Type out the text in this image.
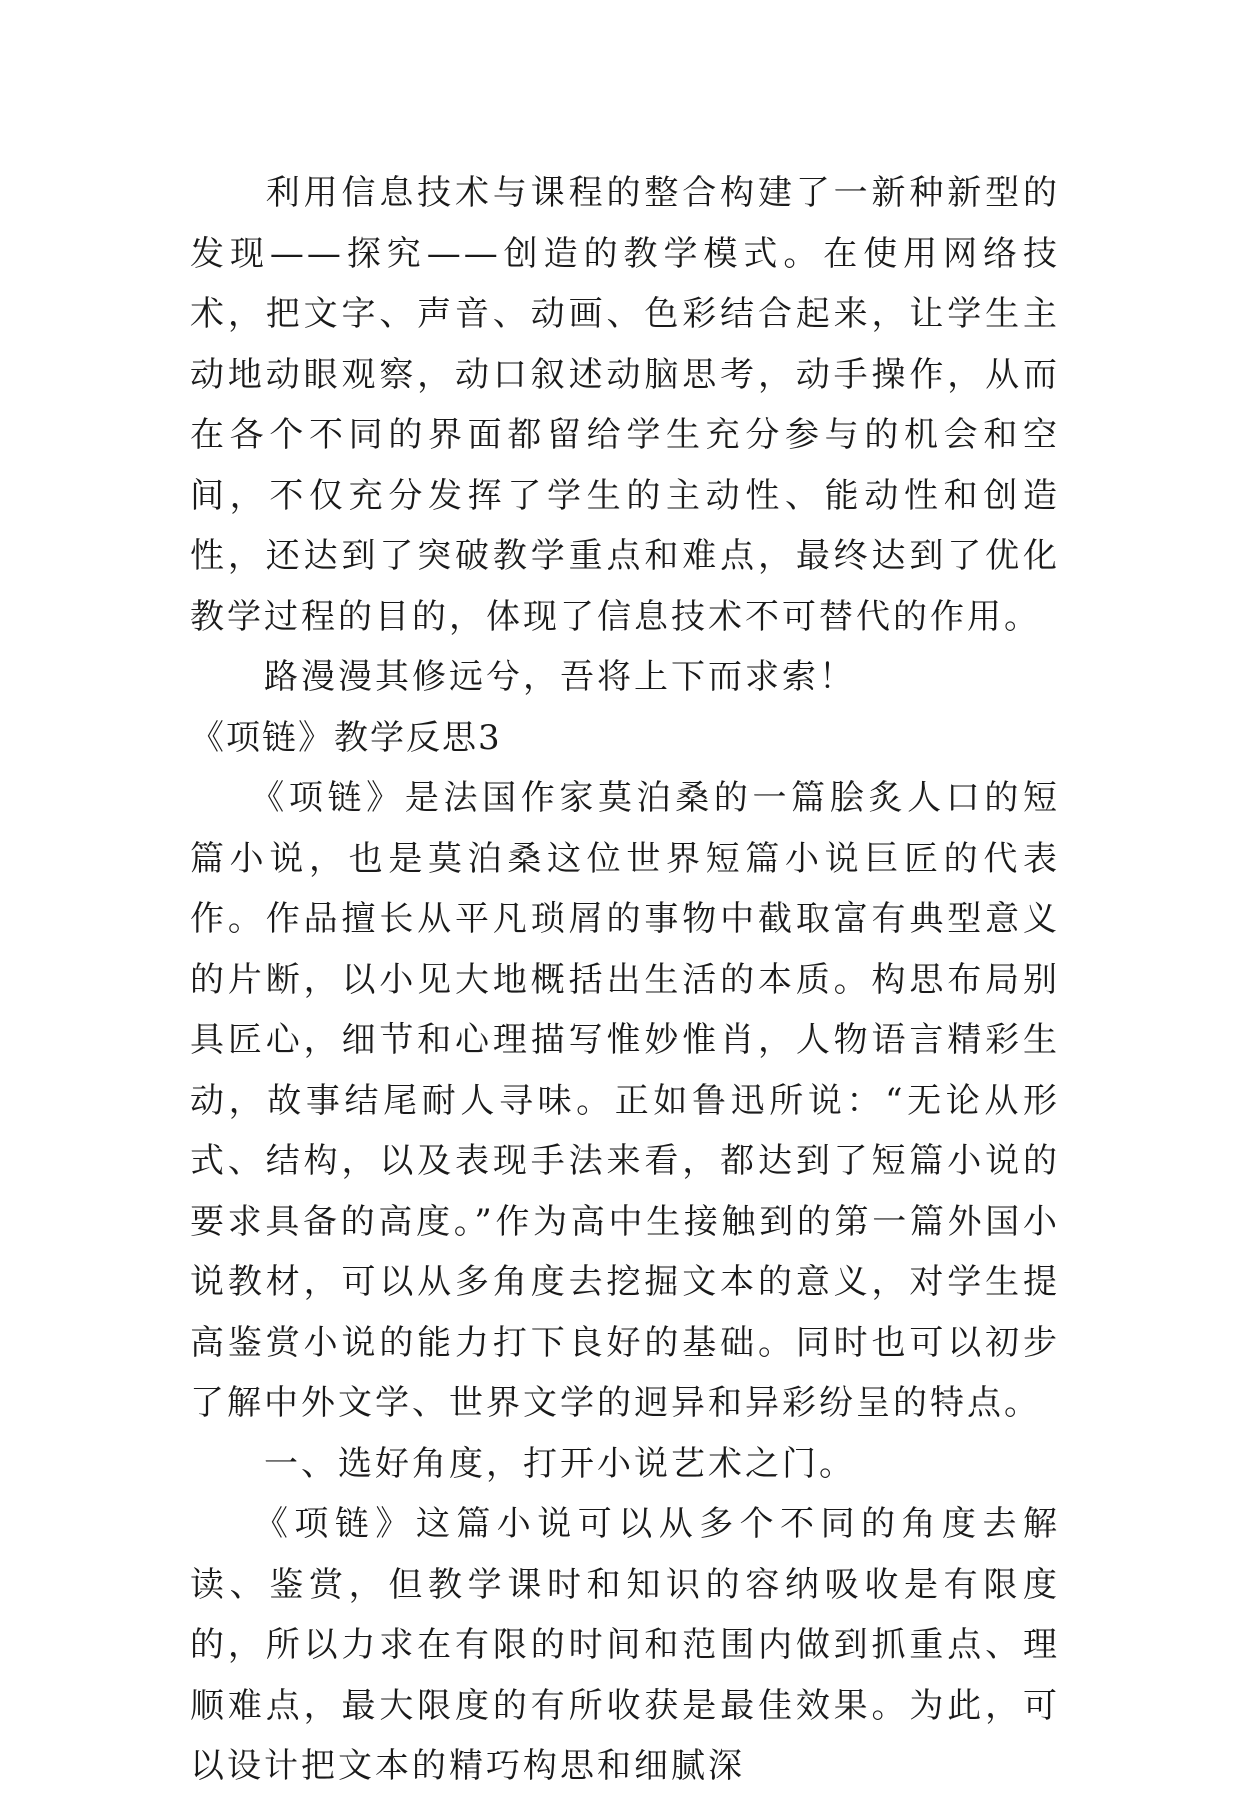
　　利用信息技术与课程的整合构建了一新种新型的发现——探究——创造的教学模式。在使用网络技术，把文字、声音、动画、色彩结合起来，让学生主动地动眼观察，动口叙述动脑思考，动手操作，从而在各个不同的界面都留给学生充分参与的机会和空间，不仅充分发挥了学生的主动性、能动性和创造性，还达到了突破教学重点和难点，最终达到了优化教学过程的目的，体现了信息技术不可替代的作用。

　　路漫漫其修远兮，吾将上下而求索！

《项链》教学反思3

　　《项链》是法国作家莫泊桑的一篇脍炙人口的短篇小说，也是莫泊桑这位世界短篇小说巨匠的代表作。作品擅长从平凡琐屑的事物中截取富有典型意义的片断，以小见大地概括出生活的本质。构思布局别具匠心，细节和心理描写惟妙惟肖，人物语言精彩生动，故事结尾耐人寻味。正如鲁迅所说：“无论从形式、结构，以及表现手法来看，都达到了短篇小说的要求具备的高度。”作为高中生接触到的第一篇外国小说教材，可以从多角度去挖掘文本的意义，对学生提高鉴赏小说的能力打下良好的基础。同时也可以初步了解中外文学、世界文学的迥异和异彩纷呈的特点。

　　一、选好角度，打开小说艺术之门。

　　《项链》这篇小说可以从多个不同的角度去解读、鉴赏，但教学课时和知识的容纳吸收是有限度的，所以力求在有限的时间和范围内做到抓重点、理顺难点，最大限度的有所收获是最佳效果。为此，可以设计把文本的精巧构思和细腻深
